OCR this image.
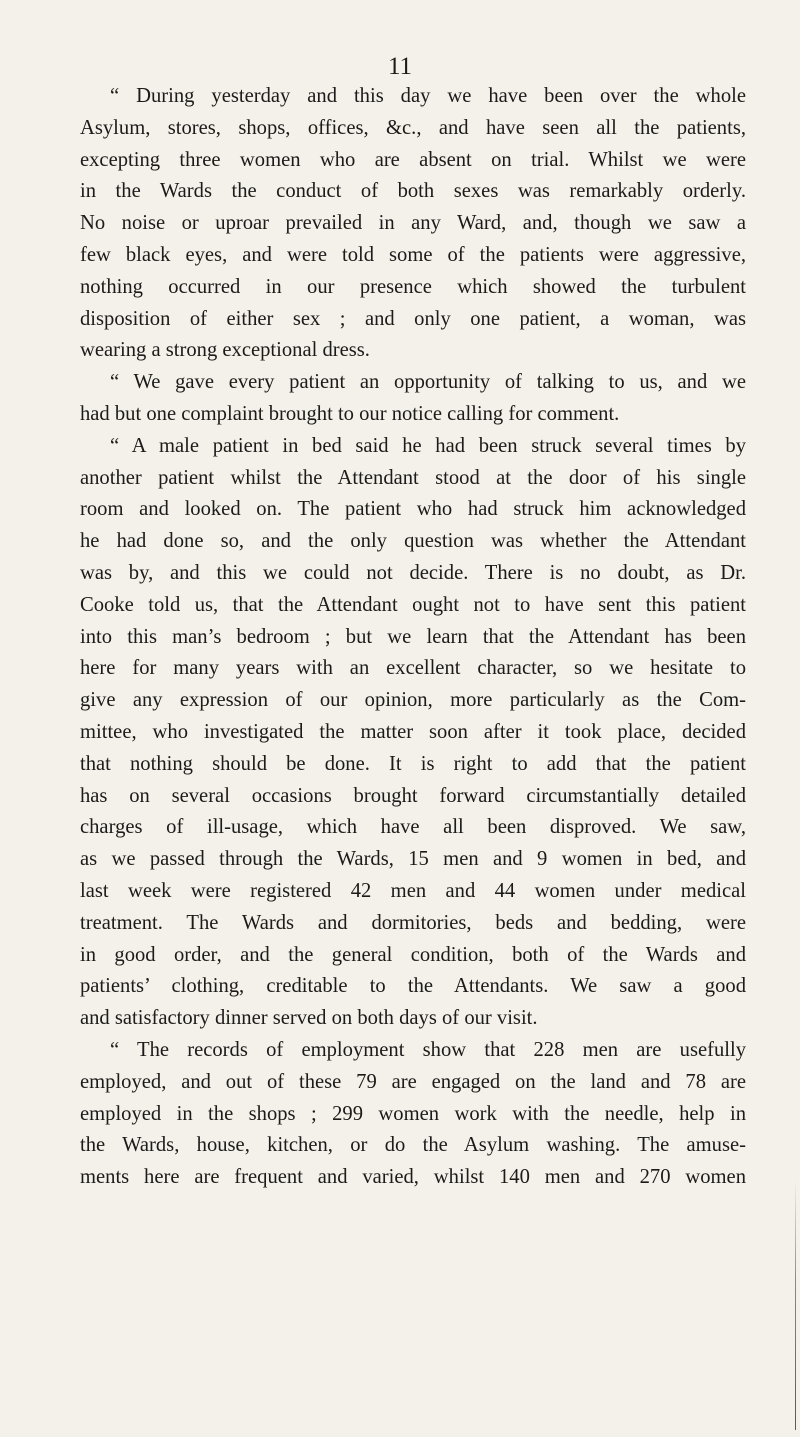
11
“ During yesterday and this day we have been over the whole
Asylum, stores, shops, offices, &c., and have seen all the patients,
excepting three women who are absent on trial. Whilst we were
in the Wards the conduct of both sexes was remarkably orderly.
No noise or uproar prevailed in any Ward, and, though we saw a
few black eyes, and were told some of the patients were aggressive,
nothing occurred in our presence which showed the turbulent
disposition of either sex ; and only one patient, a woman, was
wearing a strong exceptional dress.
“ We gave every patient an opportunity of talking to us, and we
had but one complaint brought to our notice calling for comment.
“ A male patient in bed said he had been struck several times by
another patient whilst the Attendant stood at the door of his single
room and looked on. The patient who had struck him acknowledged
he had done so, and the only question was whether the Attendant
was by, and this we could not decide. There is no doubt, as Dr.
Cooke told us, that the Attendant ought not to have sent this patient
into this man’s bedroom ; but we learn that the Attendant has been
here for many years with an excellent character, so we hesitate to
give any expression of our opinion, more particularly as the Com-
mittee, who investigated the matter soon after it took place, decided
that nothing should be done. It is right to add that the patient
has on several occasions brought forward circumstantially detailed
charges of ill-usage, which have all been disproved. We saw,
as we passed through the Wards, 15 men and 9 women in bed, and
last week were registered 42 men and 44 women under medical
treatment. The Wards and dormitories, beds and bedding, were
in good order, and the general condition, both of the Wards and
patients’ clothing, creditable to the Attendants. We saw a good
and satisfactory dinner served on both days of our visit.
“ The records of employment show that 228 men are usefully
employed, and out of these 79 are engaged on the land and 78 are
employed in the shops ; 299 women work with the needle, help in
the Wards, house, kitchen, or do the Asylum washing. The amuse-
ments here are frequent and varied, whilst 140 men and 270 women
